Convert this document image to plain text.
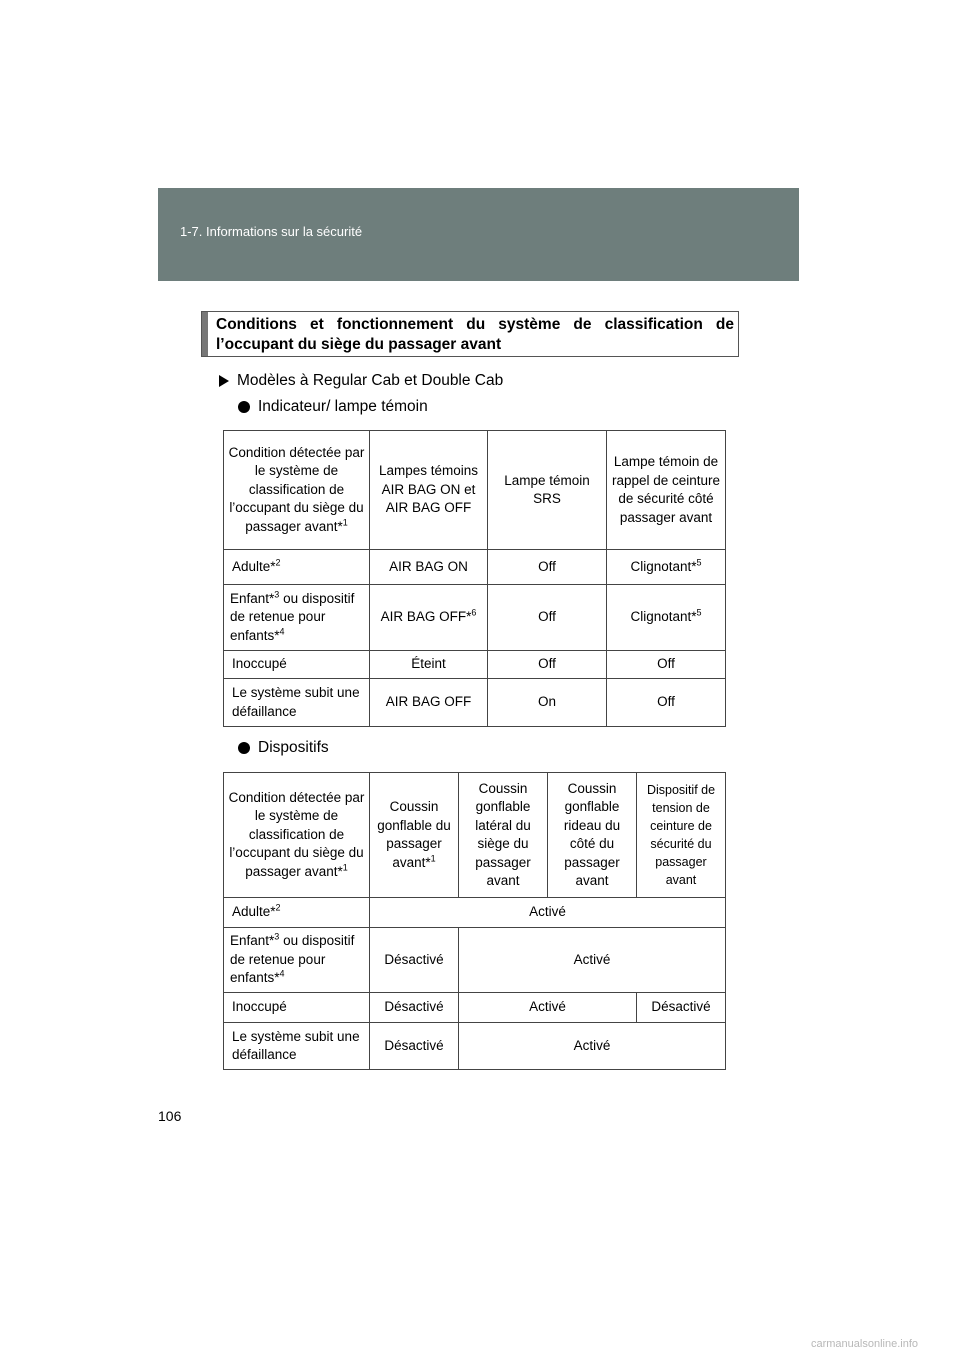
1-7. Informations sur la sécurité
Conditions et fonctionnement du système de classification de l’occupant du siège du passager avant
Modèles à Regular Cab et Double Cab
Indicateur/ lampe témoin
Condition détectée par le système de classification de l’occupant du siège du passager avant*$^1$	Lampes témoins AIR BAG ON et AIR BAG OFF	Lampe témoin SRS	Lampe témoin de rappel de ceinture de sécurité côté passager avant
Adulte*$^2$	AIR BAG ON	Off	Clignotant*$^5$
Enfant*$^3$ ou dispositif de retenue pour enfants*$^4$	AIR BAG OFF*$^6$	Off	Clignotant*$^5$
Inoccupé	Éteint	Off	Off
Le système subit une défaillance	AIR BAG OFF	On	Off
Dispositifs
Condition détectée par le système de classification de l’occupant du siège du passager avant*$^1$	Coussin gonflable du passager avant*$^1$	Coussin gonflable latéral du siège du passager avant	Coussin gonflable rideau du côté du passager avant	Dispositif de tension de ceinture de sécurité du passager avant
Adulte*$^2$	Activé			
Enfant*$^3$ ou dispositif de retenue pour enfants*$^4$	Désactivé	Activé		
Inoccupé	Désactivé	Activé		Désactivé
Le système subit une défaillance	Désactivé	Activé		
106
carmanualsonline.info
